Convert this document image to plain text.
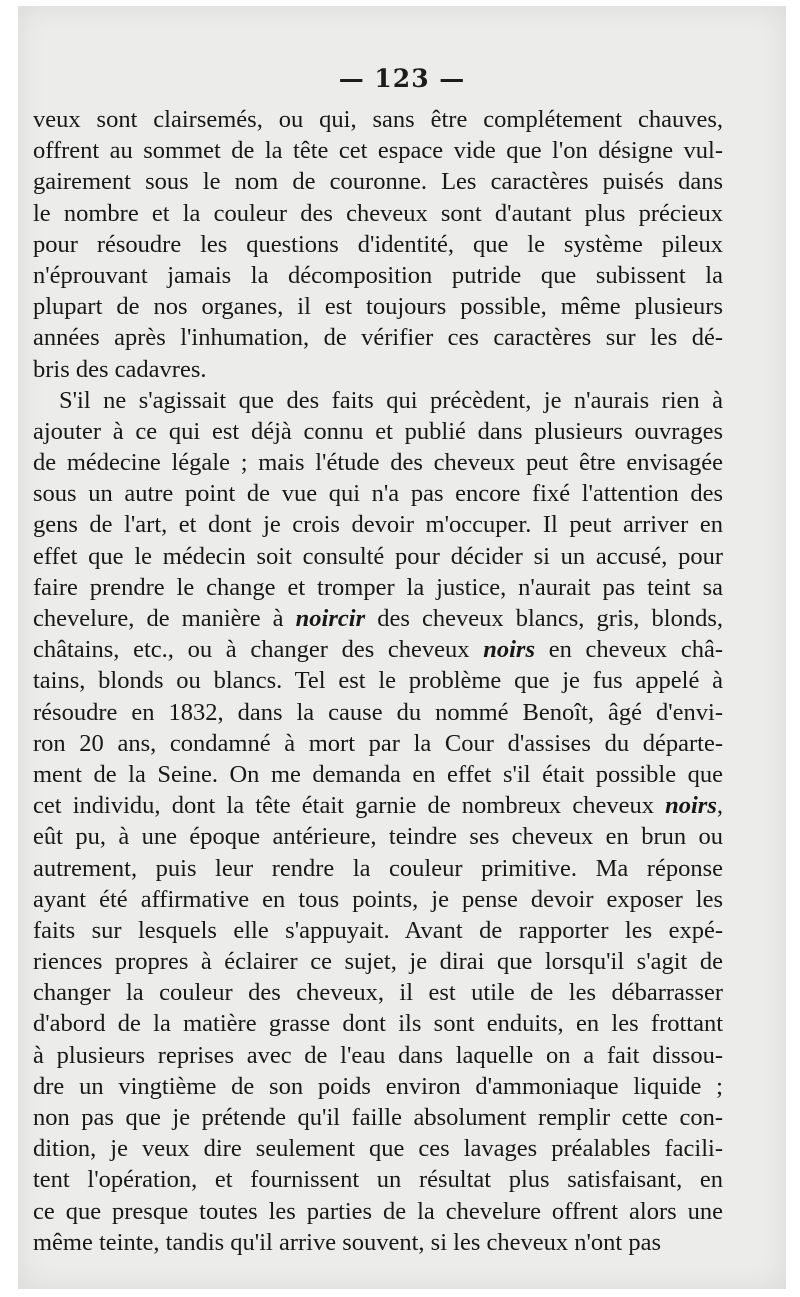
— 123 —
veux sont clairsemés, ou qui, sans être complétement chauves,
offrent au sommet de la tête cet espace vide que l'on désigne vul-
gairement sous le nom de couronne. Les caractères puisés dans
le nombre et la couleur des cheveux sont d'autant plus précieux
pour résoudre les questions d'identité, que le système pileux
n'éprouvant jamais la décomposition putride que subissent la
plupart de nos organes, il est toujours possible, même plusieurs
années après l'inhumation, de vérifier ces caractères sur les dé-
bris des cadavres.
S'il ne s'agissait que des faits qui précèdent, je n'aurais rien à
ajouter à ce qui est déjà connu et publié dans plusieurs ouvrages
de médecine légale ; mais l'étude des cheveux peut être envisagée
sous un autre point de vue qui n'a pas encore fixé l'attention des
gens de l'art, et dont je crois devoir m'occuper. Il peut arriver en
effet que le médecin soit consulté pour décider si un accusé, pour
faire prendre le change et tromper la justice, n'aurait pas teint sa
chevelure, de manière à noircir des cheveux blancs, gris, blonds,
châtains, etc., ou à changer des cheveux noirs en cheveux châ-
tains, blonds ou blancs. Tel est le problème que je fus appelé à
résoudre en 1832, dans la cause du nommé Benoît, âgé d'envi-
ron 20 ans, condamné à mort par la Cour d'assises du départe-
ment de la Seine. On me demanda en effet s'il était possible que
cet individu, dont la tête était garnie de nombreux cheveux noirs,
eût pu, à une époque antérieure, teindre ses cheveux en brun ou
autrement, puis leur rendre la couleur primitive. Ma réponse
ayant été affirmative en tous points, je pense devoir exposer les
faits sur lesquels elle s'appuyait. Avant de rapporter les expé-
riences propres à éclairer ce sujet, je dirai que lorsqu'il s'agit de
changer la couleur des cheveux, il est utile de les débarrasser
d'abord de la matière grasse dont ils sont enduits, en les frottant
à plusieurs reprises avec de l'eau dans laquelle on a fait dissou-
dre un vingtième de son poids environ d'ammoniaque liquide ;
non pas que je prétende qu'il faille absolument remplir cette con-
dition, je veux dire seulement que ces lavages préalables facili-
tent l'opération, et fournissent un résultat plus satisfaisant, en
ce que presque toutes les parties de la chevelure offrent alors une
même teinte, tandis qu'il arrive souvent, si les cheveux n'ont pas
